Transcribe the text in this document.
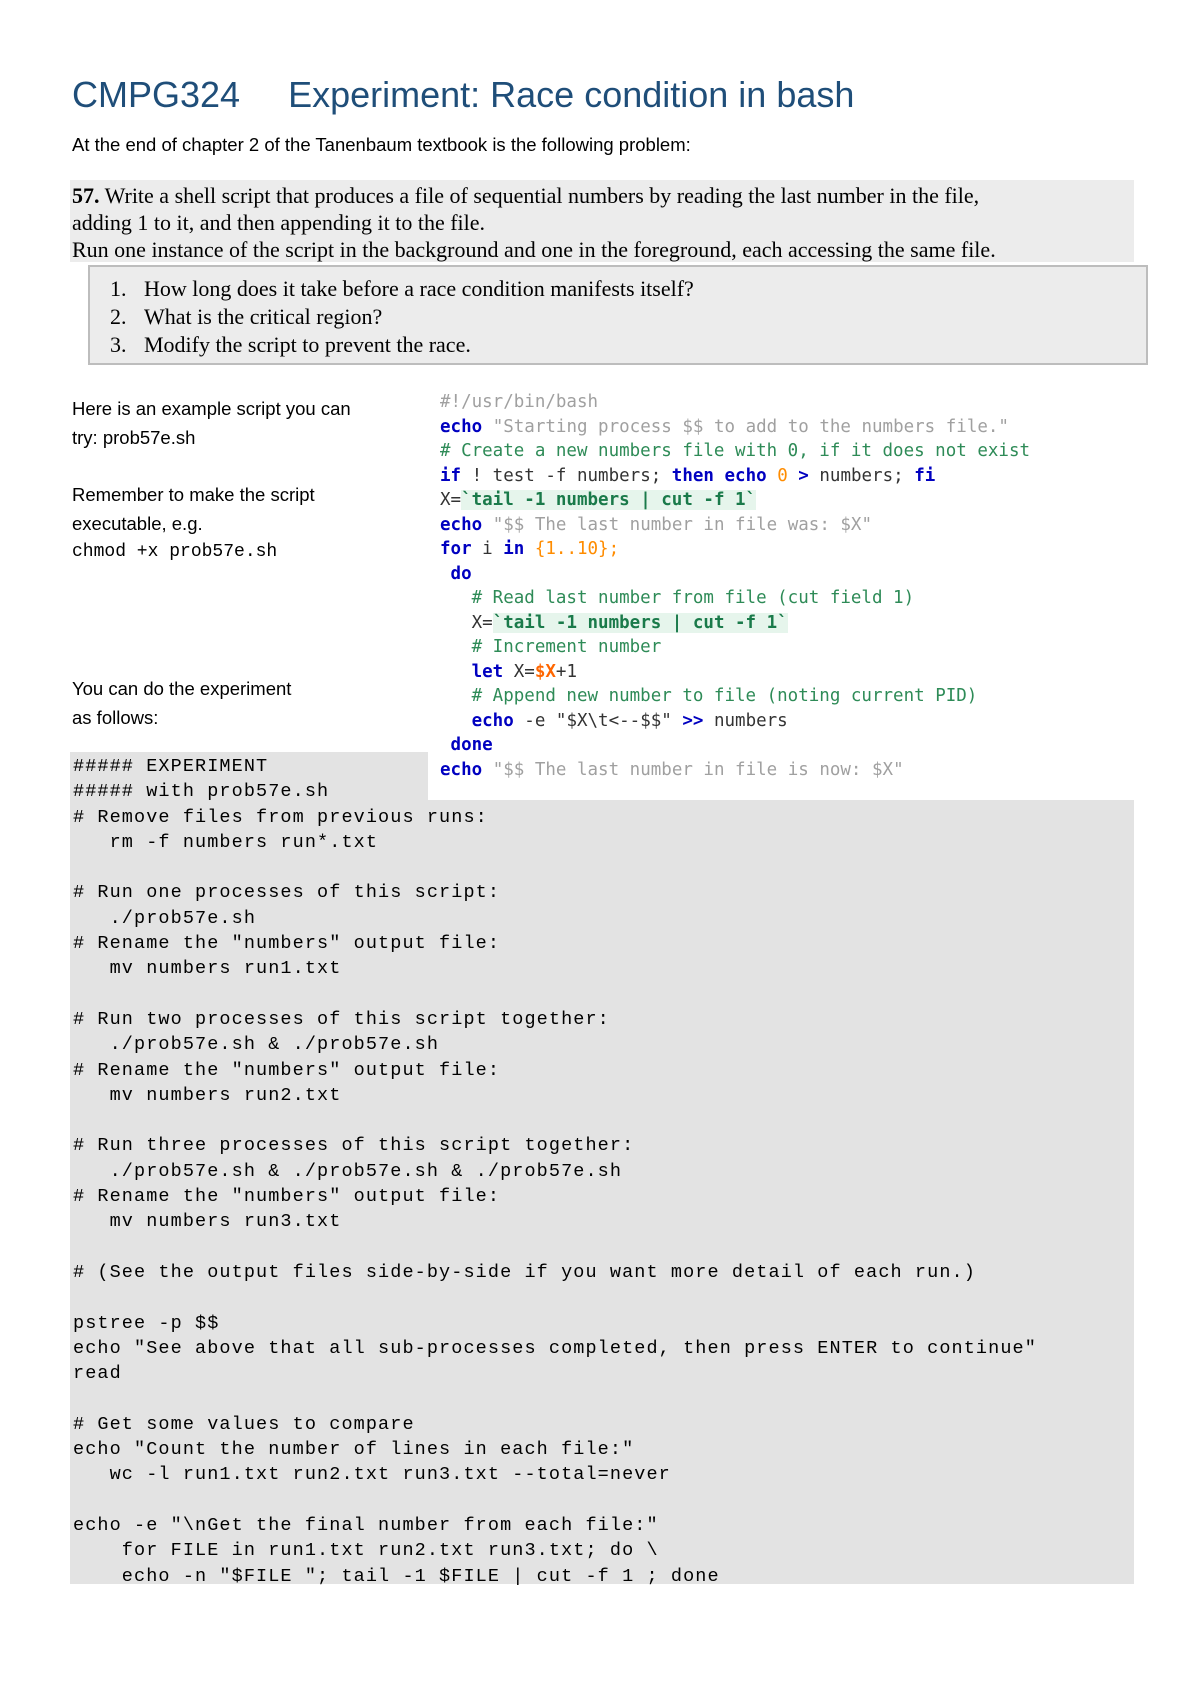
CMPG324 Experiment: Race condition in bash
At the end of chapter 2 of the Tanenbaum textbook is the following problem:
57. Write a shell script that produces a file of sequential numbers by reading the last number in the file,
adding 1 to it, and then appending it to the file.
Run one instance of the script in the background and one in the foreground, each accessing the same file.
1. How long does it take before a race condition manifests itself?
2. What is the critical region?
3. Modify the script to prevent the race.
Here is an example script you can
try: prob57e.sh
Remember to make the script
executable, e.g.
chmod +x prob57e.sh
You can do the experiment
as follows:
#!/usr/bin/bash
echo "Starting process $$ to add to the numbers file."
# Create a new numbers file with 0, if it does not exist
if ! test -f numbers; then echo 0 > numbers; fi
X=`tail -1 numbers | cut -f 1`
echo "$$ The last number in file was: $X"
for i in {1..10};
do
# Read last number from file (cut field 1)
X=`tail -1 numbers | cut -f 1`
# Increment number
let X=$X+1
# Append new number to file (noting current PID)
echo -e "$X\t<--$$" >> numbers
done
echo "$$ The last number in file is now: $X"
##### EXPERIMENT
##### with prob57e.sh
# Remove files from previous runs:
rm -f numbers run*.txt

# Run one processes of this script:
./prob57e.sh
# Rename the "numbers" output file:
mv numbers run1.txt

# Run two processes of this script together:
./prob57e.sh & ./prob57e.sh
# Rename the "numbers" output file:
mv numbers run2.txt

# Run three processes of this script together:
./prob57e.sh & ./prob57e.sh & ./prob57e.sh
# Rename the "numbers" output file:
mv numbers run3.txt

# (See the output files side-by-side if you want more detail of each run.)

pstree -p $$
echo "See above that all sub-processes completed, then press ENTER to continue"
read

# Get some values to compare
echo "Count the number of lines in each file:"
wc -l run1.txt run2.txt run3.txt --total=never

echo -e "\nGet the final number from each file:"
for FILE in run1.txt run2.txt run3.txt; do \
echo -n "$FILE "; tail -1 $FILE | cut -f 1 ; done
